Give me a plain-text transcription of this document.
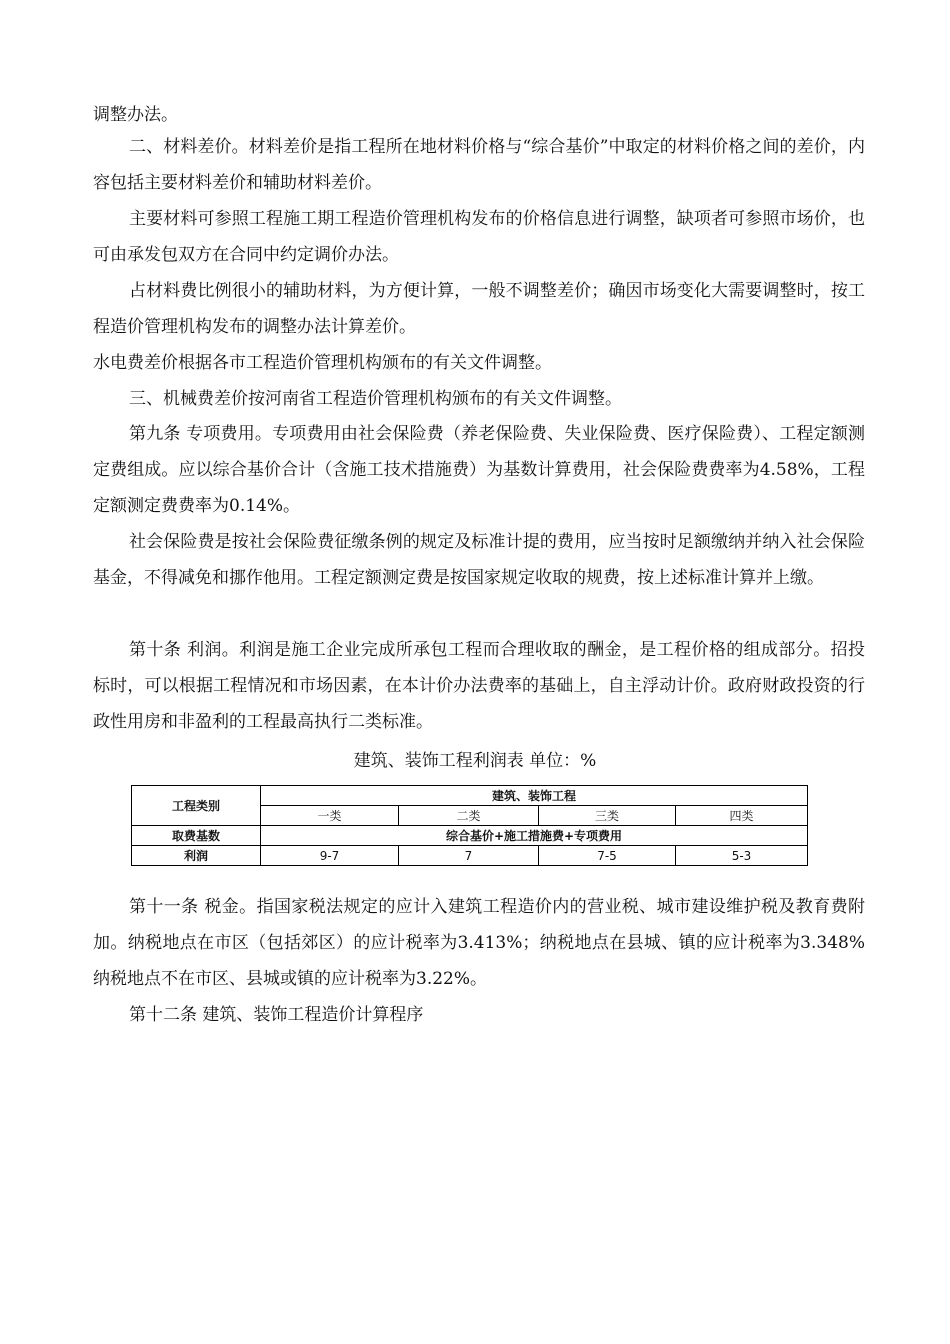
调整办法。

二、材料差价。材料差价是指工程所在地材料价格与“综合基价”中取定的材料价格之间的差价，内容包括主要材料差价和辅助材料差价。

主要材料可参照工程施工期工程造价管理机构发布的价格信息进行调整，缺项者可参照市场价，也可由承发包双方在合同中约定调价办法。

占材料费比例很小的辅助材料，为方便计算，一般不调整差价；确因市场变化大需要调整时，按工程造价管理机构发布的调整办法计算差价。

水电费差价根据各市工程造价管理机构颁布的有关文件调整。

三、机械费差价按河南省工程造价管理机构颁布的有关文件调整。

第九条 专项费用。专项费用由社会保险费（养老保险费、失业保险费、医疗保险费）、工程定额测定费组成。应以综合基价合计（含施工技术措施费）为基数计算费用，社会保险费费率为4.58%，工程定额测定费费率为0.14%。

社会保险费是按社会保险费征缴条例的规定及标准计提的费用，应当按时足额缴纳并纳入社会保险基金，不得减免和挪作他用。工程定额测定费是按国家规定收取的规费，按上述标准计算并上缴。

第十条 利润。利润是施工企业完成所承包工程而合理收取的酬金，是工程价格的组成部分。招投标时，可以根据工程情况和市场因素，在本计价办法费率的基础上，自主浮动计价。政府财政投资的行政性用房和非盈利的工程最高执行二类标准。

建筑、装饰工程利润表 单位：%
工程类别	建筑、装饰工程			
	一类	二类	三类	四类
取费基数	综合基价+施工措施费+专项费用			
利润	9-7	7	7-5	5-3

第十一条 税金。指国家税法规定的应计入建筑工程造价内的营业税、城市建设维护税及教育费附加。纳税地点在市区（包括郊区）的应计税率为3.413%；纳税地点在县城、镇的应计税率为3.348%纳税地点不在市区、县城或镇的应计税率为3.22%。

第十二条 建筑、装饰工程造价计算程序
